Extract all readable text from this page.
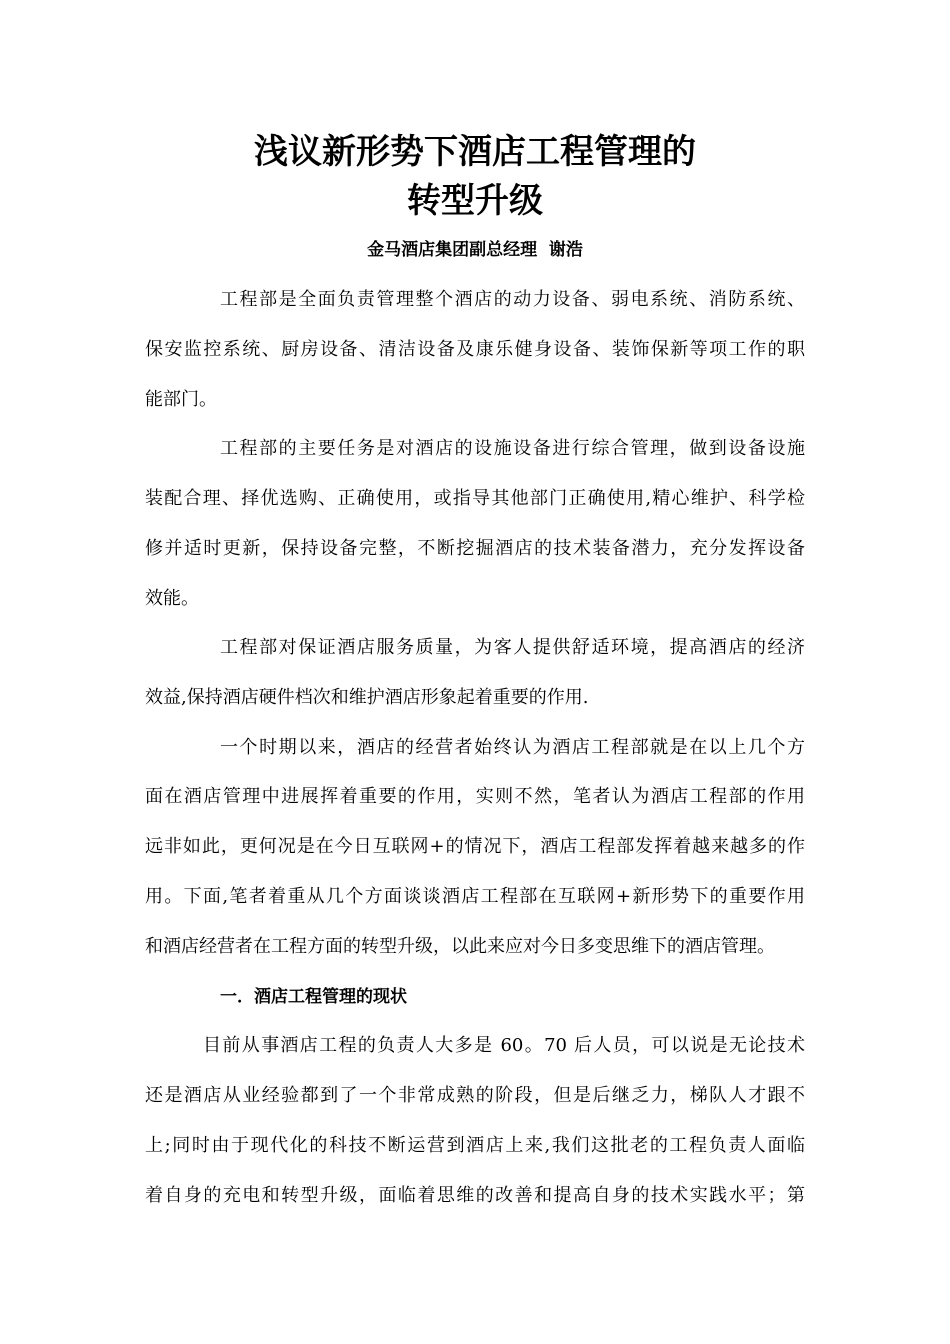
浅议新形势下酒店工程管理的
转型升级

金马酒店集团副总经理  谢浩

工程部是全面负责管理整个酒店的动力设备、弱电系统、消防系统、

保安监控系统、厨房设备、清洁设备及康乐健身设备、装饰保新等项工作的职

能部门。

工程部的主要任务是对酒店的设施设备进行综合管理，做到设备设施

装配合理、择优选购、正确使用，或指导其他部门正确使用,精心维护、科学检

修并适时更新，保持设备完整，不断挖掘酒店的技术装备潜力，充分发挥设备

效能。

工程部对保证酒店服务质量，为客人提供舒适环境，提高酒店的经济

效益,保持酒店硬件档次和维护酒店形象起着重要的作用.

一个时期以来，酒店的经营者始终认为酒店工程部就是在以上几个方

面在酒店管理中进展挥着重要的作用，实则不然，笔者认为酒店工程部的作用

远非如此，更何况是在今日互联网+的情况下，酒店工程部发挥着越来越多的作

用。下面,笔者着重从几个方面谈谈酒店工程部在互联网+新形势下的重要作用

和酒店经营者在工程方面的转型升级，以此来应对今日多变思维下的酒店管理。

一．酒店工程管理的现状

目前从事酒店工程的负责人大多是 60。70 后人员，可以说是无论技术

还是酒店从业经验都到了一个非常成熟的阶段，但是后继乏力，梯队人才跟不

上;同时由于现代化的科技不断运营到酒店上来,我们这批老的工程负责人面临

着自身的充电和转型升级，面临着思维的改善和提高自身的技术实践水平；第
